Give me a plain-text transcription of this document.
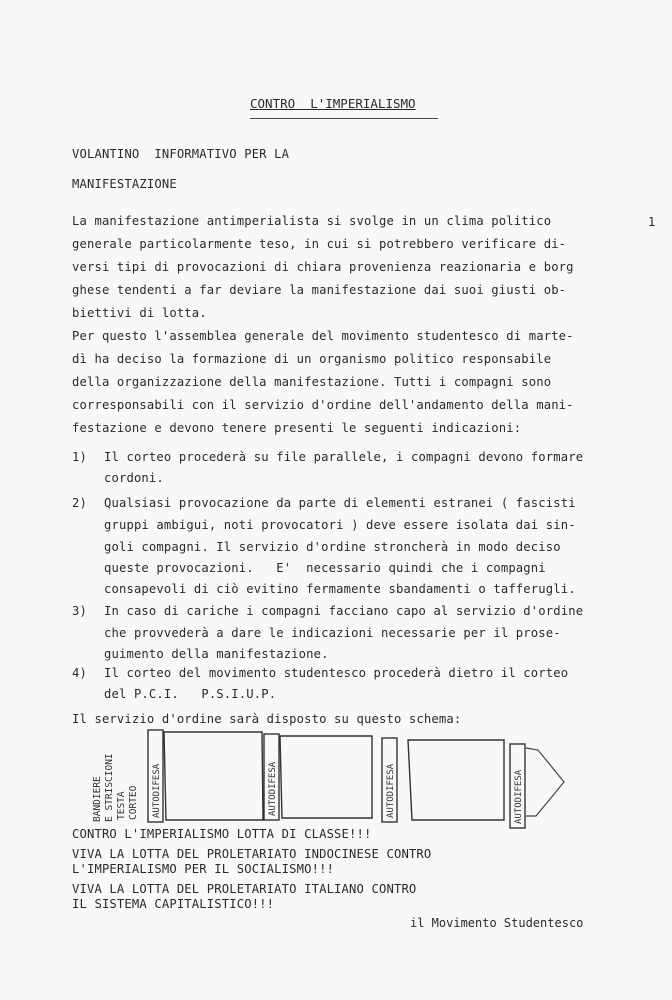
CONTRO  L'IMPERIALISMO
1
VOLANTINO  INFORMATIVO PER LA
MANIFESTAZIONE
La manifestazione antimperialista si svolge in un clima politico
generale particolarmente teso, in cui si potrebbero verificare di-
versi tipi di provocazioni di chiara provenienza reazionaria e borg
ghese tendenti a far deviare la manifestazione dai suoi giusti ob-
biettivi di lotta.
Per questo l'assemblea generale del movimento studentesco di marte-
dì ha deciso la formazione di un organismo politico responsabile
della organizzazione della manifestazione. Tutti i compagni sono
corresponsabili con il servizio d'ordine dell'andamento della mani-
festazione e devono tenere presenti le seguenti indicazioni:
1) Il corteo procederà su file parallele, i compagni devono formare
cordoni.
2) Qualsiasi provocazione da parte di elementi estranei ( fascisti
gruppi ambigui, noti provocatori ) deve essere isolata dai sin-
goli compagni. Il servizio d'ordine stroncherà in modo deciso
queste provocazioni.   E'  necessario quindi che i compagni
consapevoli di ciò evitino fermamente sbandamenti o tafferugli.
3) In caso di cariche i compagni facciano capo al servizio d'ordine
che provvederà a dare le indicazioni necessarie per il prose-
guimento della manifestazione.
4) Il corteo del movimento studentesco procederà dietro il corteo
del P.C.I.   P.S.I.U.P.
Il servizio d'ordine sarà disposto su questo schema:
BANDIERE E STRISCIONI TESTA CORTEO AUTODIFESA	AUTODIFESA	AUTODIFESA	AUTODIFESA
CONTRO L'IMPERIALISMO LOTTA DI CLASSE!!!
VIVA LA LOTTA DEL PROLETARIATO INDOCINESE CONTRO
L'IMPERIALISMO PER IL SOCIALISMO!!!
VIVA LA LOTTA DEL PROLETARIATO ITALIANO CONTRO
IL SISTEMA CAPITALISTICO!!!
il Movimento Studentesco
